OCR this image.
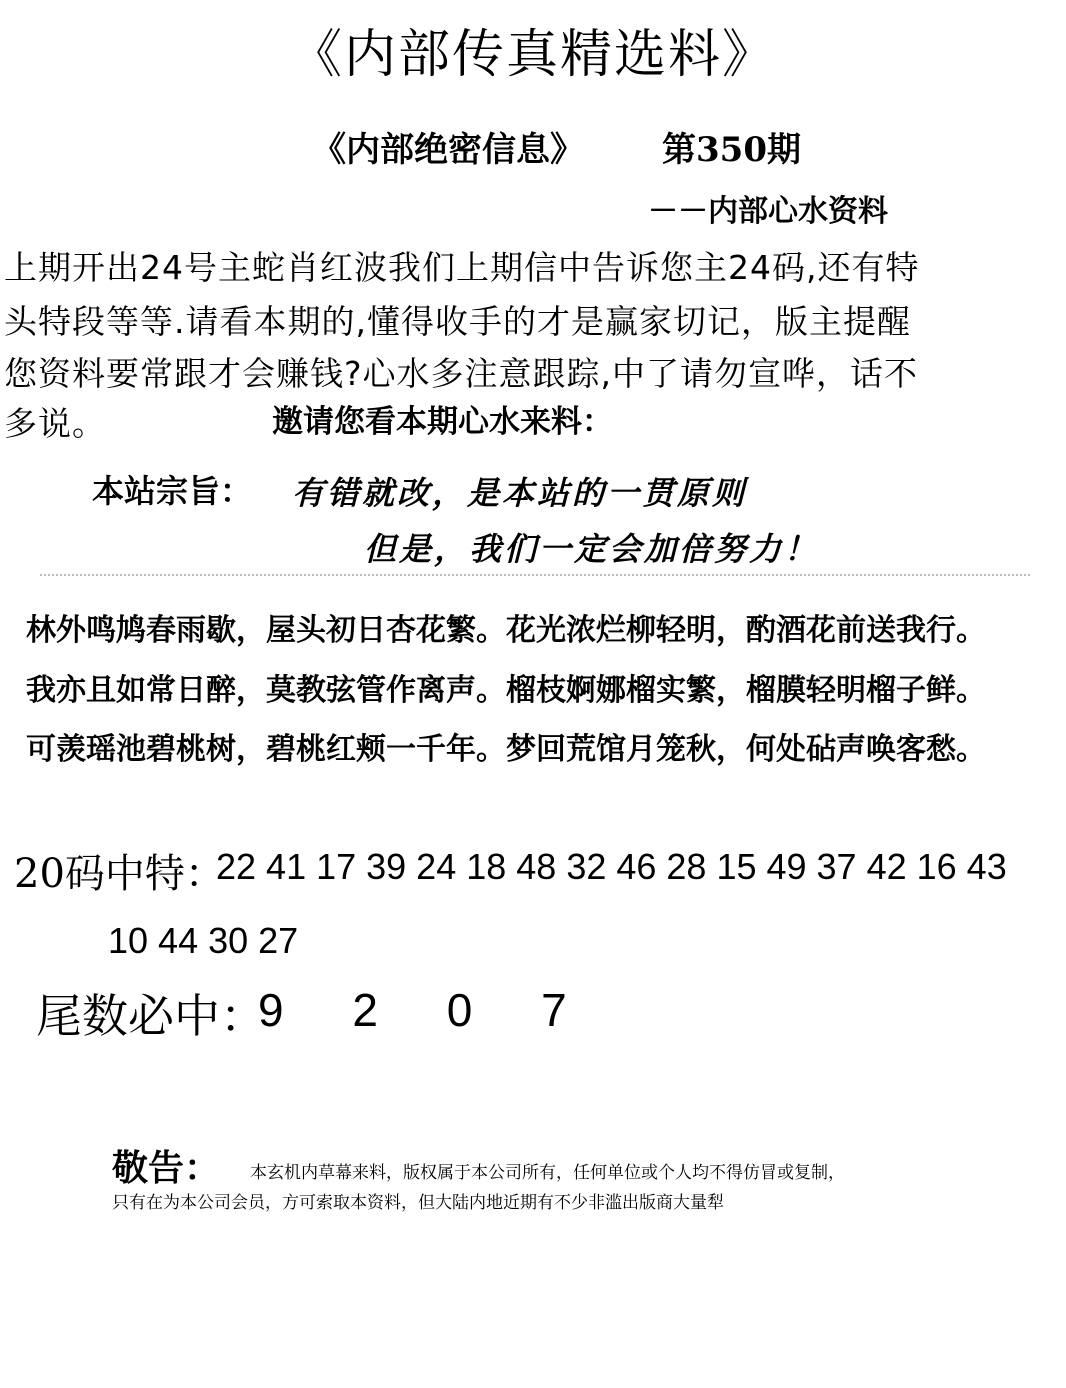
《内部传真精选料》
《内部绝密信息》 第350期
－－内部心水资料
上期开出24号主蛇肖红波我们上期信中告诉您主24码,还有特
头特段等等.请看本期的,懂得收手的才是赢家切记，版主提醒
您资料要常跟才会赚钱?心水多注意跟踪,中了请勿宣哗，话不
多说。	邀请您看本期心水来料：
本站宗旨： 有错就改，是本站的一贯原则
但是，我们一定会加倍努力！
林外鸣鸠春雨歇，屋头初日杏花繁。花光浓烂柳轻明，酌酒花前送我行。
我亦且如常日醉，莫教弦管作离声。榴枝婀娜榴实繁，榴膜轻明榴子鲜。
可羡瑶池碧桃树，碧桃红颊一千年。梦回荒馆月笼秋，何处砧声唤客愁。
20码中特：
22 41 17 39 24 18 48 32 46 28 15 49 37 42 16 43
10 44 30 27
尾数必中：
9 2 0 7
敬告： 本玄机内草幕来料，版权属于本公司所有，任何单位或个人均不得仿冒或复制，
只有在为本公司会员，方可索取本资料，但大陆内地近期有不少非滥出版商大量犁
